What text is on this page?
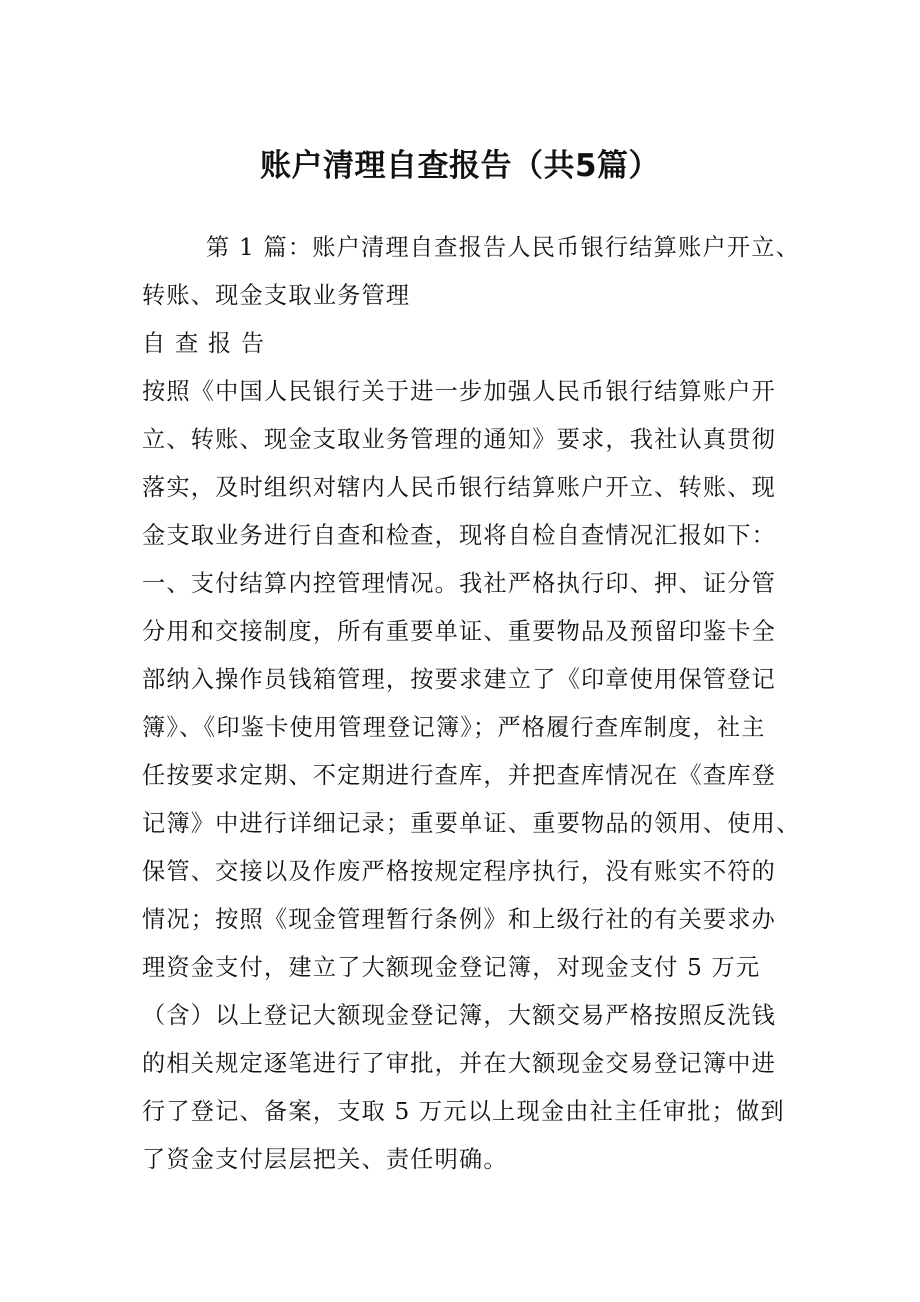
账户清理自查报告（共5篇）

第 1 篇：账户清理自查报告人民币银行结算账户开立、
转账、现金支取业务管理

自 查 报 告

按照《中国人民银行关于进一步加强人民币银行结算账户开
立、转账、现金支取业务管理的通知》要求，我社认真贯彻
落实，及时组织对辖内人民币银行结算账户开立、转账、现
金支取业务进行自查和检查，现将自检自查情况汇报如下：
一、支付结算内控管理情况。我社严格执行印、押、证分管
分用和交接制度，所有重要单证、重要物品及预留印鉴卡全
部纳入操作员钱箱管理，按要求建立了《印章使用保管登记
簿》、《印鉴卡使用管理登记簿》；严格履行查库制度，社主
任按要求定期、不定期进行查库，并把查库情况在《查库登
记簿》中进行详细记录；重要单证、重要物品的领用、使用、
保管、交接以及作废严格按规定程序执行，没有账实不符的
情况；按照《现金管理暂行条例》和上级行社的有关要求办
理资金支付，建立了大额现金登记簿，对现金支付 5 万元
（含）以上登记大额现金登记簿，大额交易严格按照反洗钱
的相关规定逐笔进行了审批，并在大额现金交易登记簿中进
行了登记、备案，支取 5 万元以上现金由社主任审批；做到
了资金支付层层把关、责任明确。
